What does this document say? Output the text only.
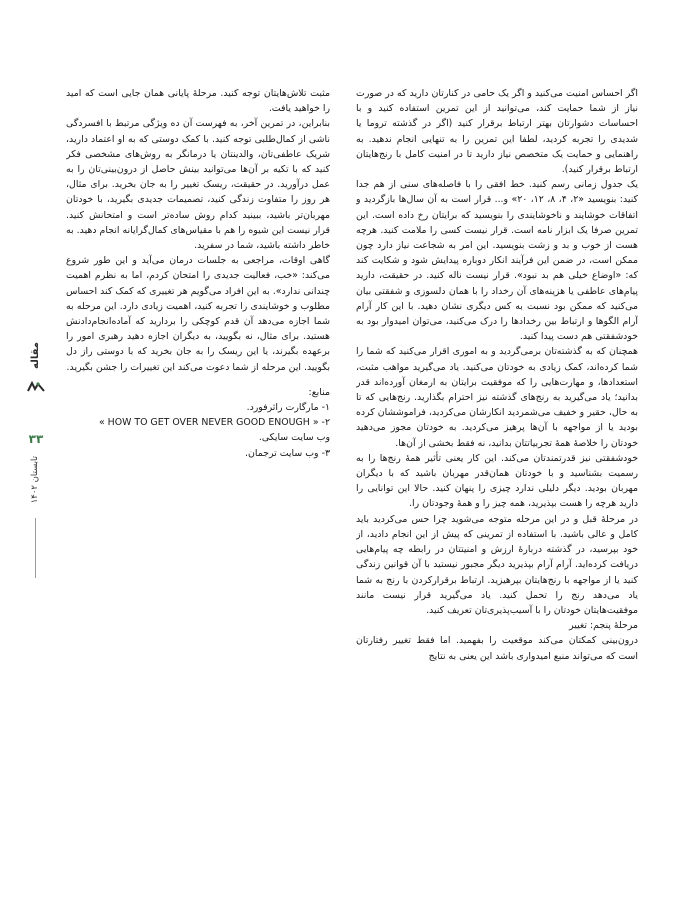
اگر احساس امنیت می‌کنید و اگر یک حامی در کنارتان دارید که در صورت نیاز از شما حمایت کند، می‌توانید از این تمرین استفاده کنید و با احساسات دشوارتان بهتر ارتباط برقرار کنید (اگر در گذشته تروما یا شدیدی را تجربه کردید، لطفا این تمرین را به تنهایی انجام ندهید. به راهنمایی و حمایت یک متخصص نیاز دارید تا در امنیت کامل با رنج‌هایتان ارتباط برقرار کنید).

یک جدول زمانی رسم کنید. خط افقی را با فاصله‌های سنی از هم جدا کنید: بنویسید «۲، ۴، ۸، ۱۲، ۲۰» و... قرار است به آن سال‌ها بازگردید و اتفاقات خوشایند و ناخوشایندی را بنویسید که برایتان رخ داده است. این تمرین صرفا یک ابزار نامه است. قرار نیست کسی را ملامت کنید. هرچه هست از خوب و بد و زشت بنویسید. این امر به شجاعت نیاز دارد چون ممکن است، در ضمن این فرآیند انکار دوباره پیدایش شود و شکایت کند که: «اوضاع خیلی هم بد نبود». قرار نیست ناله کنید. در حقیقت، دارید پیام‌های عاطفی یا هزینه‌های آن رخداد را با همان دلسوزی و شفقتی بیان می‌کنید که ممکن بود نسبت به کس دیگری نشان دهید. با این کار آرام آرام الگوها و ارتباط بین رخدادها را درک می‌کنید، می‌توان امیدوار بود به خودشفقتی هم دست پیدا کنید.

همچنان که به گذشته‌تان برمی‌گردید و به اموری اقرار می‌کنید که شما را شما کرده‌اند، کمک زیادی به خودتان می‌کنید. یاد می‌گیرید مواهب مثبت، استعدادها، و مهارت‌هایی را که موفقیت برایتان به ارمغان آورده‌اند قدر بدانید؛ یاد می‌گیرید به رنج‌های گذشته نیز احترام بگذارید. رنج‌هایی که تا به حال، حقیر و خفیف می‌شمردید انکارشان می‌کردید، فراموششان کرده بودید یا از مواجهه با آن‌ها پرهیز می‌کردید. به خودتان مجوز می‌دهید خودتان را خلاصهٔ همهٔ تجربیاتتان بدانید، نه فقط بخشی از آن‌ها.

خودشفقتی نیز قدرتمندتان می‌کند. این کار یعنی تأثیر همهٔ رنج‌ها را به رسمیت بشناسید و با خودتان همان‌قدر مهربان باشید که با دیگران مهربان بودید. دیگر دلیلی ندارد چیزی را پنهان کنید. حالا این توانایی را دارید هرچه را هست بپذیرید، همه چیز را و همهٔ وجودتان را.

در مرحلهٔ قبل و در این مرحله متوجه می‌شوید چرا حس می‌کردید باید کامل و عالی باشید. با استفاده از تمرینی که پیش از این انجام دادید، از خود بپرسید، در گذشته دربارهٔ ارزش و امنیتتان در رابطه چه پیام‌هایی دریافت کرده‌اید. آرام آرام بپذیرید دیگر مجبور نیستید با آن قوانین زندگی کنید یا از مواجهه با رنج‌هایتان بپرهیزید. ارتباط برقرارکردن با رنج به شما یاد می‌دهد رنج را تحمل کنید. یاد می‌گیرید قرار نیست مانند موفقیت‌هایتان خودتان را با آسیب‌پذیری‌تان تعریف کنید.

مرحلهٔ پنجم: تغییر

درون‌بینی کمکتان می‌کند موقعیت را بفهمید. اما فقط تغییر رفتارتان است که می‌تواند منبع امیدواری باشد این یعنی به نتایج

مثبت تلاش‌هایتان توجه کنید. مرحلهٔ پایانی همان جایی است که امید را خواهید یافت.

بنابراین، در تمرین آخر، به فهرست آن ده ویژگی مرتبط با افسردگی ناشی از کمال‌طلبی توجه کنید. با کمک دوستی که به او اعتماد دارید، شریک عاطفی‌تان، والدینتان یا درمانگر به روش‌های مشخصی فکر کنید که با تکیه بر آن‌ها می‌توانید بینش حاصل از درون‌بینی‌تان را به عمل درآورید. در حقیقت، ریسک تغییر را به جان بخرید. برای مثال، هر روز را متفاوت زندگی کنید، تصمیمات جدیدی بگیرید، با خودتان مهربان‌تر باشید، ببینید کدام روش ساده‌تر است و امتحانش کنید. قرار نیست این شیوه را هم با مقیاس‌های کمال‌گرایانه انجام دهید. به خاطر داشته باشید، شما در سفرید.

گاهی اوقات، مراجعی به جلسات درمان می‌آید و این طور شروع می‌کند: «خب، فعالیت جدیدی را امتحان کردم، اما به نظرم اهمیت چندانی ندارد». به این افراد می‌گویم هر تغییری که کمک کند احساس مطلوب و خوشایندی را تجربه کنید، اهمیت زیادی دارد. این مرحله به شما اجازه می‌دهد آن قدم کوچکی را بردارید که آماده‌انجام‌دادنش هستید. برای مثال، نه بگویید، به دیگران اجازه دهید رهبری امور را برعهده بگیرند، یا این ریسک را به جان بخرید که با دوستی راز دل بگویید. این مرحله از شما دعوت می‌کند این تغییرات را جشن بگیرید.

منابع:
۱- مارگارت راثرفورد.
۲- « HOW TO GET OVER NEVER GOOD ENOUGH »
وب سایت سایکی.
۳- وب سایت ترجمان.
مقاله
۳۳
تابستان ۱۴۰۲
